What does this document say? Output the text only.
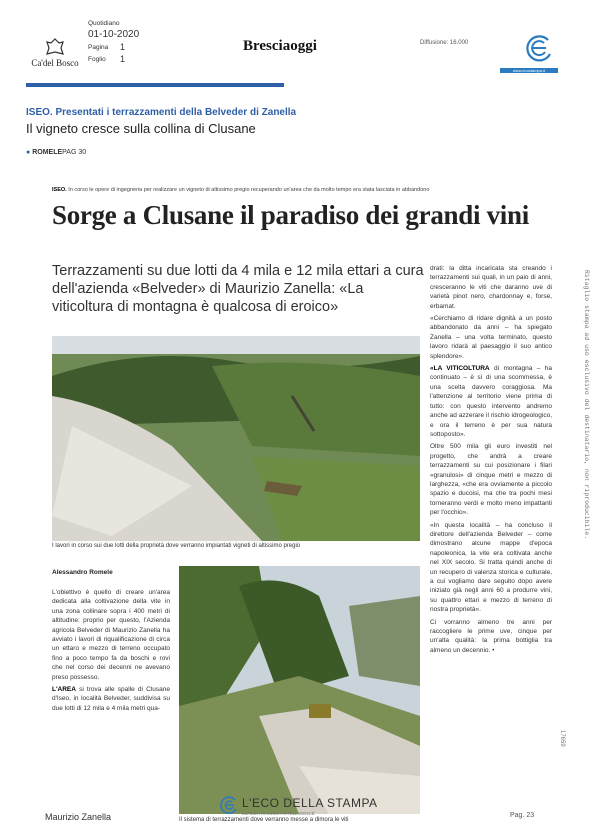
Ca'del Bosco
Quotidiano
01-10-2020
Pagina 1
Foglio 1
Bresciaoggi	Diffusione: 16.000
www.ecostampa.it
ISEO. Presentati i terrazzamenti della Belveder di Zanella
Il vigneto cresce sulla collina di Clusane
● ROMELEPAG 30
ISEO. In corso le opere di ingegneria per realizzare un vigneto di altissimo pregio recuperando un'area che da molto tempo era stata lasciata in abbandono
Sorge a Clusane il paradiso dei grandi vini
Terrazzamenti su due lotti da 4 mila e 12 mila ettari a cura dell'azienda «Belveder» di Maurizio Zanella: «La viticoltura di montagna è qualcosa di eroico»
I lavori in corso sui due lotti della proprietà dove verranno impiantati vigneti di altissimo pregio
Alessandro Romele

L'obiettivo è quello di creare un'area dedicata alla coltivazione della vite in una zona collinare sopra i 400 metri di altitudine: proprio per questo, l'Azienda agricola Belveder di Maurizio Zanella ha avviato i lavori di riqualificazione di circa un ettaro e mezzo di terreno occupato fino a poco tempo fa da boschi e rovi che nel corso dei decenni ne avevano preso possesso.

L'AREA si trova alle spalle di Clusane d'Iseo, in località Belveder, suddivisa su due lotti di 12 mila e 4 mila metri qua-

Il sistema di terrazzamenti dove verranno messe a dimora le viti

drati: la ditta incaricata sta creando i terrazzamenti sui quali, in un paio di anni, cresceranno le viti che daranno uve di varietà pinot nero, chardonnay e, forse, erbamat.

«Cerchiamo di ridare dignità a un posto abbandonato da anni – ha spiegato Zanella – una volta terminato, questo lavoro ridarà al paesaggio il suo antico splendore».

«LA VITICOLTURA di montagna – ha continuato – è sì di una scommessa, è una scelta davvero coraggiosa. Ma l'attenzione al territorio viene prima di tutto: con questo intervento andremo anche ad azzerare il rischio idrogeologico, e ora il terreno è per sua natura sottoposto».

Oltre 500 mila gli euro investiti nel progetto, che andrà a creare terrazzamenti su cui posizionare i filari «granulosi» di cinque metri e mezzo di larghezza, «che era ovviamente a piccolo spazio e ducoisi, ma che tra pochi mesi torneranno verdi e molto meno impattanti per l'occhio».

«In questa località – ha concluso il direttore dell'azienda Belveder – come dimostrano alcune mappe d'epoca napoleonica, la vite era coltivata anche nel XIX secolo. Si tratta quindi anche di un recupero di valenza storica e culturale, a cui vogliamo dare seguito dopo avere iniziato già negli anni 60 a produrre vini, su quattro ettari e mezzo di terreno di nostra proprietà».

Ci vorranno almeno tre anni per raccogliere le prime uve, cinque per un'alta qualità: la prima bottiglia tra almeno un decennio. •

Ritaglio stampa ad uso esclusivo del destinatario, non riproducibile.
17659
Maurizio Zanella
L'ECO DELLA STAMPA
LEADER IN MEDIA INTELLIGENCE	Pag. 23
